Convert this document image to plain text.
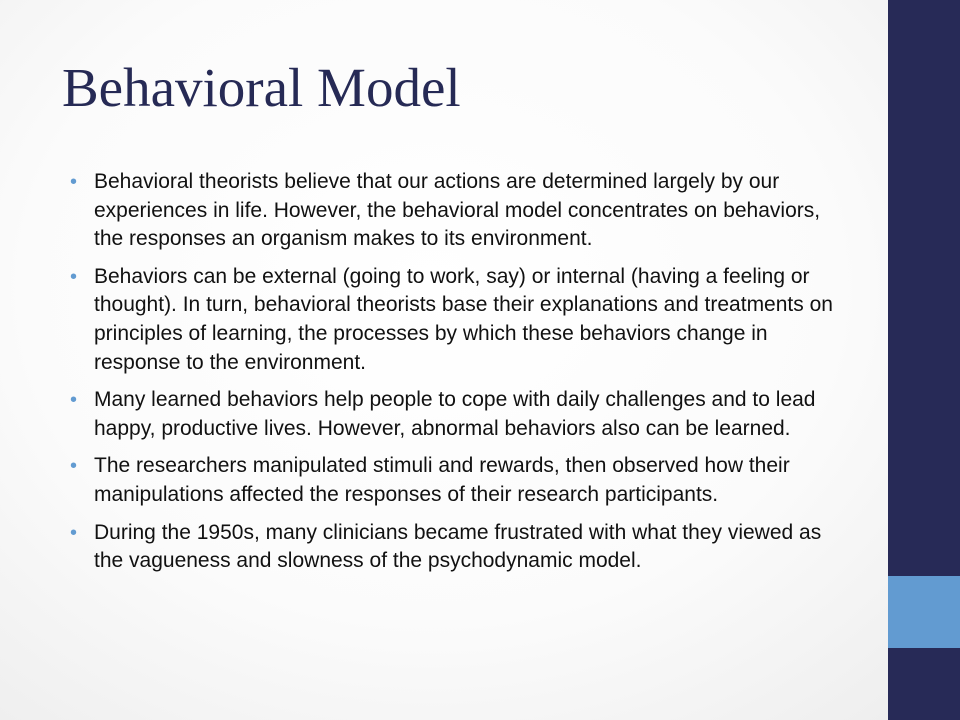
Behavioral Model
• Behavioral theorists believe that our actions are determined largely by our experiences in life. However, the behavioral model concentrates on behaviors, the responses an organism makes to its environment.
• Behaviors can be external (going to work, say) or internal (having a feeling or thought). In turn, behavioral theorists base their explanations and treatments on principles of learning, the processes by which these behaviors change in response to the environment.
• Many learned behaviors help people to cope with daily challenges and to lead happy, productive lives. However, abnormal behaviors also can be learned.
• The researchers manipulated stimuli and rewards, then observed how their manipulations affected the responses of their research participants.
• During the 1950s, many clinicians became frustrated with what they viewed as the vagueness and slowness of the psychodynamic model.
